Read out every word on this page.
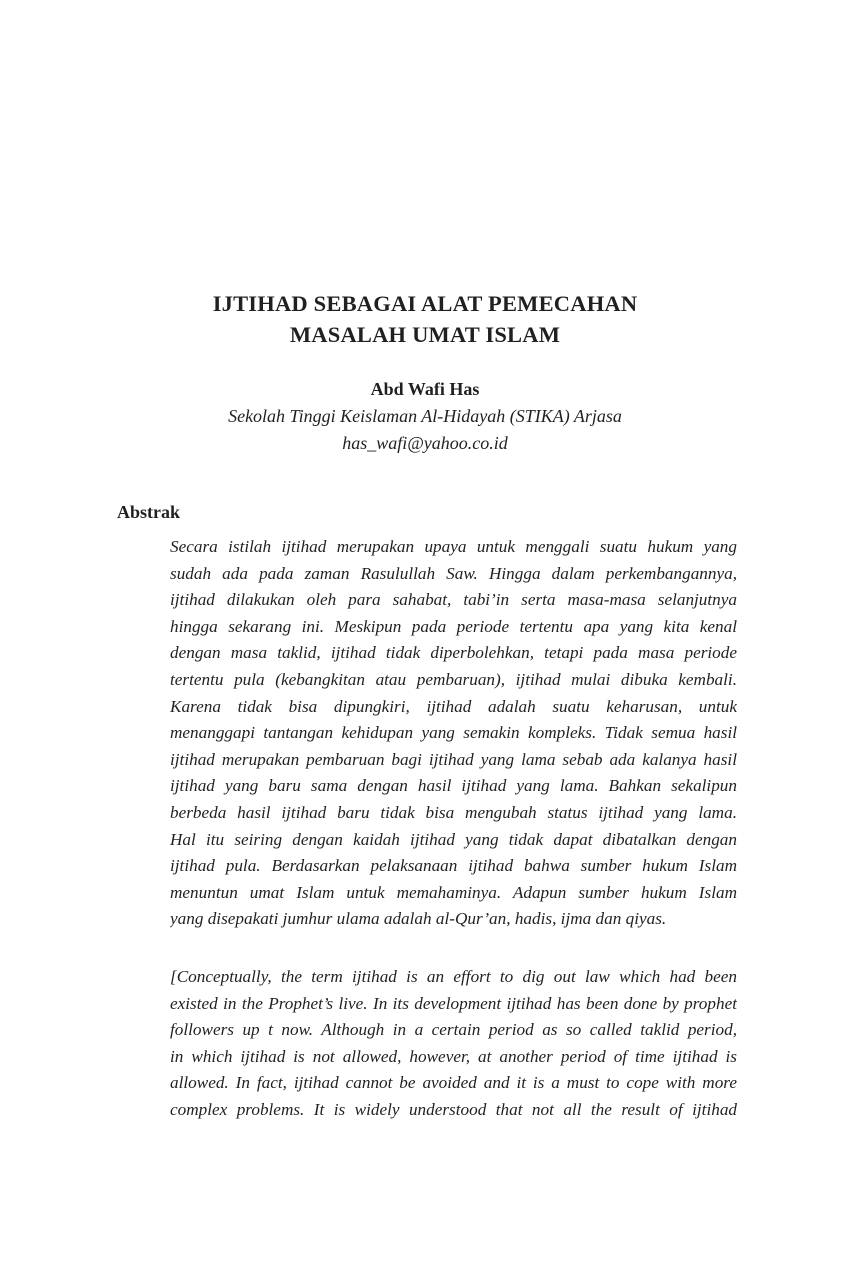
IJTIHAD SEBAGAI ALAT PEMECAHAN
MASALAH UMAT ISLAM
Abd Wafi Has
Sekolah Tinggi Keislaman Al-Hidayah (STIKA) Arjasa
has_wafi@yahoo.co.id
Abstrak
Secara istilah ijtihad merupakan upaya untuk menggali suatu hukum yang
sudah ada pada zaman Rasulullah Saw. Hingga dalam perkembangannya,
ijtihad dilakukan oleh para sahabat, tabi’in serta masa-masa selanjutnya
hingga sekarang ini. Meskipun pada periode tertentu apa yang kita kenal
dengan masa taklid, ijtihad tidak diperbolehkan, tetapi pada masa periode
tertentu pula (kebangkitan atau pembaruan), ijtihad mulai dibuka kembali.
Karena tidak bisa dipungkiri, ijtihad adalah suatu keharusan, untuk
menanggapi tantangan kehidupan yang semakin kompleks. Tidak semua hasil
ijtihad merupakan pembaruan bagi ijtihad yang lama sebab ada kalanya hasil
ijtihad yang baru sama dengan hasil ijtihad yang lama. Bahkan sekalipun
berbeda hasil ijtihad baru tidak bisa mengubah status ijtihad yang lama.
Hal itu seiring dengan kaidah ijtihad yang tidak dapat dibatalkan dengan
ijtihad pula. Berdasarkan pelaksanaan ijtihad bahwa sumber hukum Islam
menuntun umat Islam untuk memahaminya. Adapun sumber hukum Islam
yang disepakati jumhur ulama adalah al-Qur’an, hadis, ijma dan qiyas.
[Conceptually, the term ijtihad is an effort to dig out law which had been
existed in the Prophet’s live. In its development ijtihad has been done by prophet
followers up t now. Although in a certain period as so called taklid period,
in which ijtihad is not allowed, however, at another period of time ijtihad is
allowed. In fact, ijtihad cannot be avoided and it is a must to cope with more
complex problems. It is widely understood that not all the result of ijtihad
